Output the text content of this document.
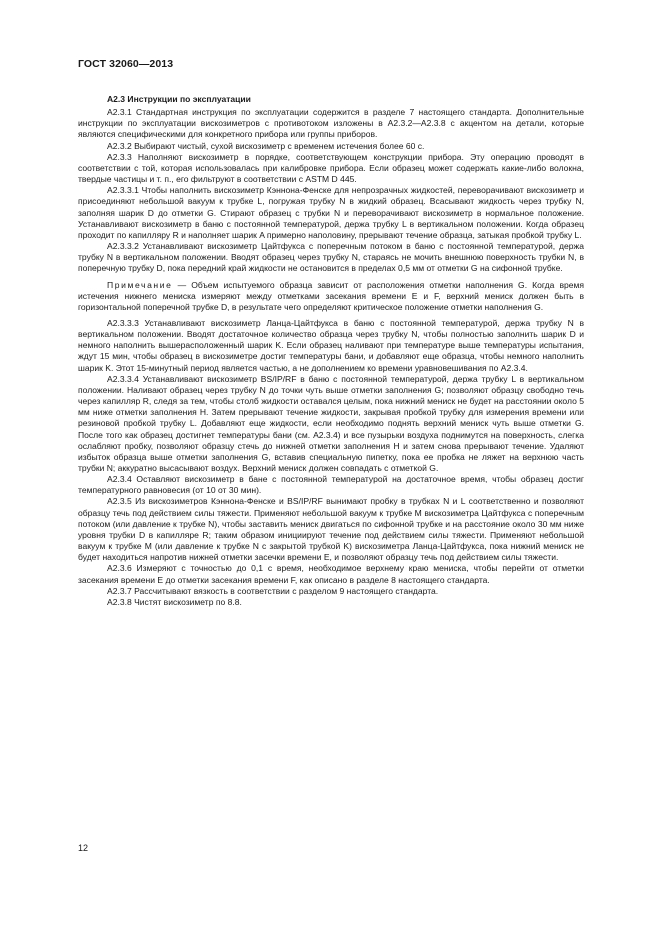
ГОСТ 32060—2013

А2.3 Инструкции по эксплуатации

А2.3.1 Стандартная инструкция по эксплуатации содержится в разделе 7 настоящего стандарта. Дополнительные инструкции по эксплуатации вискозиметров с противотоком изложены в А2.3.2—А2.3.8 с акцентом на детали, которые являются специфическими для конкретного прибора или группы приборов.

А2.3.2 Выбирают чистый, сухой вискозиметр с временем истечения более 60 с.

А2.3.3 Наполняют вискозиметр в порядке, соответствующем конструкции прибора. Эту операцию проводят в соответствии с той, которая использовалась при калибровке прибора. Если образец может содержать какие-либо волокна, твердые частицы и т. п., его фильтруют в соответствии с ASTM D 445.

А2.3.3.1 Чтобы наполнить вискозиметр Кэннона-Фенске для непрозрачных жидкостей, переворачивают вискозиметр и присоединяют небольшой вакуум к трубке L, погружая трубку N в жидкий образец. Всасывают жидкость через трубку N, заполняя шарик D до отметки G. Стирают образец с трубки N и переворачивают вискозиметр в нормальное положение. Устанавливают вискозиметр в баню с постоянной температурой, держа трубку L в вертикальном положении. Когда образец проходит по капилляру R и наполняет шарик A примерно наполовину, прерывают течение образца, затыкая пробкой трубку L.

А2.3.3.2 Устанавливают вискозиметр Цайтфукса с поперечным потоком в баню с постоянной температурой, держа трубку N в вертикальном положении. Вводят образец через трубку N, стараясь не мочить внешнюю поверхность трубки N, в поперечную трубку D, пока передний край жидкости не остановится в пределах 0,5 мм от отметки G на сифонной трубке.

Примечание — Объем испытуемого образца зависит от расположения отметки наполнения G. Когда время истечения нижнего мениска измеряют между отметками засекания времени E и F, верхний мениск должен быть в горизонтальной поперечной трубке D, в результате чего определяют критическое положение отметки наполнения G.

А2.3.3.3 Устанавливают вискозиметр Ланца-Цайтфукса в баню с постоянной температурой, держа трубку N в вертикальном положении. Вводят достаточное количество образца через трубку N, чтобы полностью заполнить шарик D и немного наполнить вышерасположенный шарик K. Если образец наливают при температуре выше температуры испытания, ждут 15 мин, чтобы образец в вискозиметре достиг температуры бани, и добавляют еще образца, чтобы немного наполнить шарик K. Этот 15-минутный период является частью, а не дополнением ко времени уравновешивания по А2.3.4.

А2.3.3.4 Устанавливают вискозиметр BS/IP/RF в баню с постоянной температурой, держа трубку L в вертикальном положении. Наливают образец через трубку N до точки чуть выше отметки заполнения G; позволяют образцу свободно течь через капилляр R, следя за тем, чтобы столб жидкости оставался целым, пока нижний мениск не будет на расстоянии около 5 мм ниже отметки заполнения H. Затем прерывают течение жидкости, закрывая пробкой трубку для измерения времени или резиновой пробкой трубку L. Добавляют еще жидкости, если необходимо поднять верхний мениск чуть выше отметки G. После того как образец достигнет температуры бани (см. А2.3.4) и все пузырьки воздуха поднимутся на поверхность, слегка ослабляют пробку, позволяют образцу стечь до нижней отметки заполнения H и затем снова прерывают течение. Удаляют избыток образца выше отметки заполнения G, вставив специальную пипетку, пока ее пробка не ляжет на верхнюю часть трубки N; аккуратно высасывают воздух. Верхний мениск должен совпадать с отметкой G.

А2.3.4 Оставляют вискозиметр в бане с постоянной температурой на достаточное время, чтобы образец достиг температурного равновесия (от 10 от 30 мин).

А2.3.5 Из вискозиметров Кэннона-Фенске и BS/IP/RF вынимают пробку в трубках N и L соответственно и позволяют образцу течь под действием силы тяжести. Применяют небольшой вакуум к трубке M вискозиметра Цайтфукса с поперечным потоком (или давление к трубке N), чтобы заставить мениск двигаться по сифонной трубке и на расстояние около 30 мм ниже уровня трубки D в капилляре R; таким образом инициируют течение под действием силы тяжести. Применяют небольшой вакуум к трубке M (или давление к трубке N с закрытой трубкой K) вискозиметра Ланца-Цайтфукса, пока нижний мениск не будет находиться напротив нижней отметки засечки времени E, и позволяют образцу течь под действием силы тяжести.

А2.3.6 Измеряют с точностью до 0,1 с время, необходимое верхнему краю мениска, чтобы перейти от отметки засекания времени E до отметки засекания времени F, как описано в разделе 8 настоящего стандарта.

А2.3.7 Рассчитывают вязкость в соответствии с разделом 9 настоящего стандарта.

А2.3.8 Чистят вискозиметр по 8.8.

12
